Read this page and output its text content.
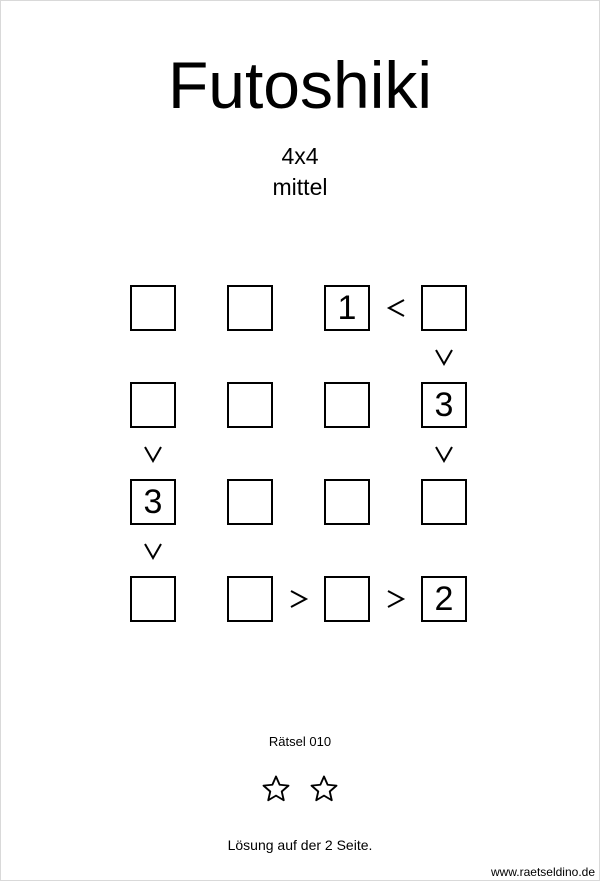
Futoshiki
4x4
mittel
1
3
3
2
Rätsel 010
Lösung auf der 2 Seite.
www.raetseldino.de
